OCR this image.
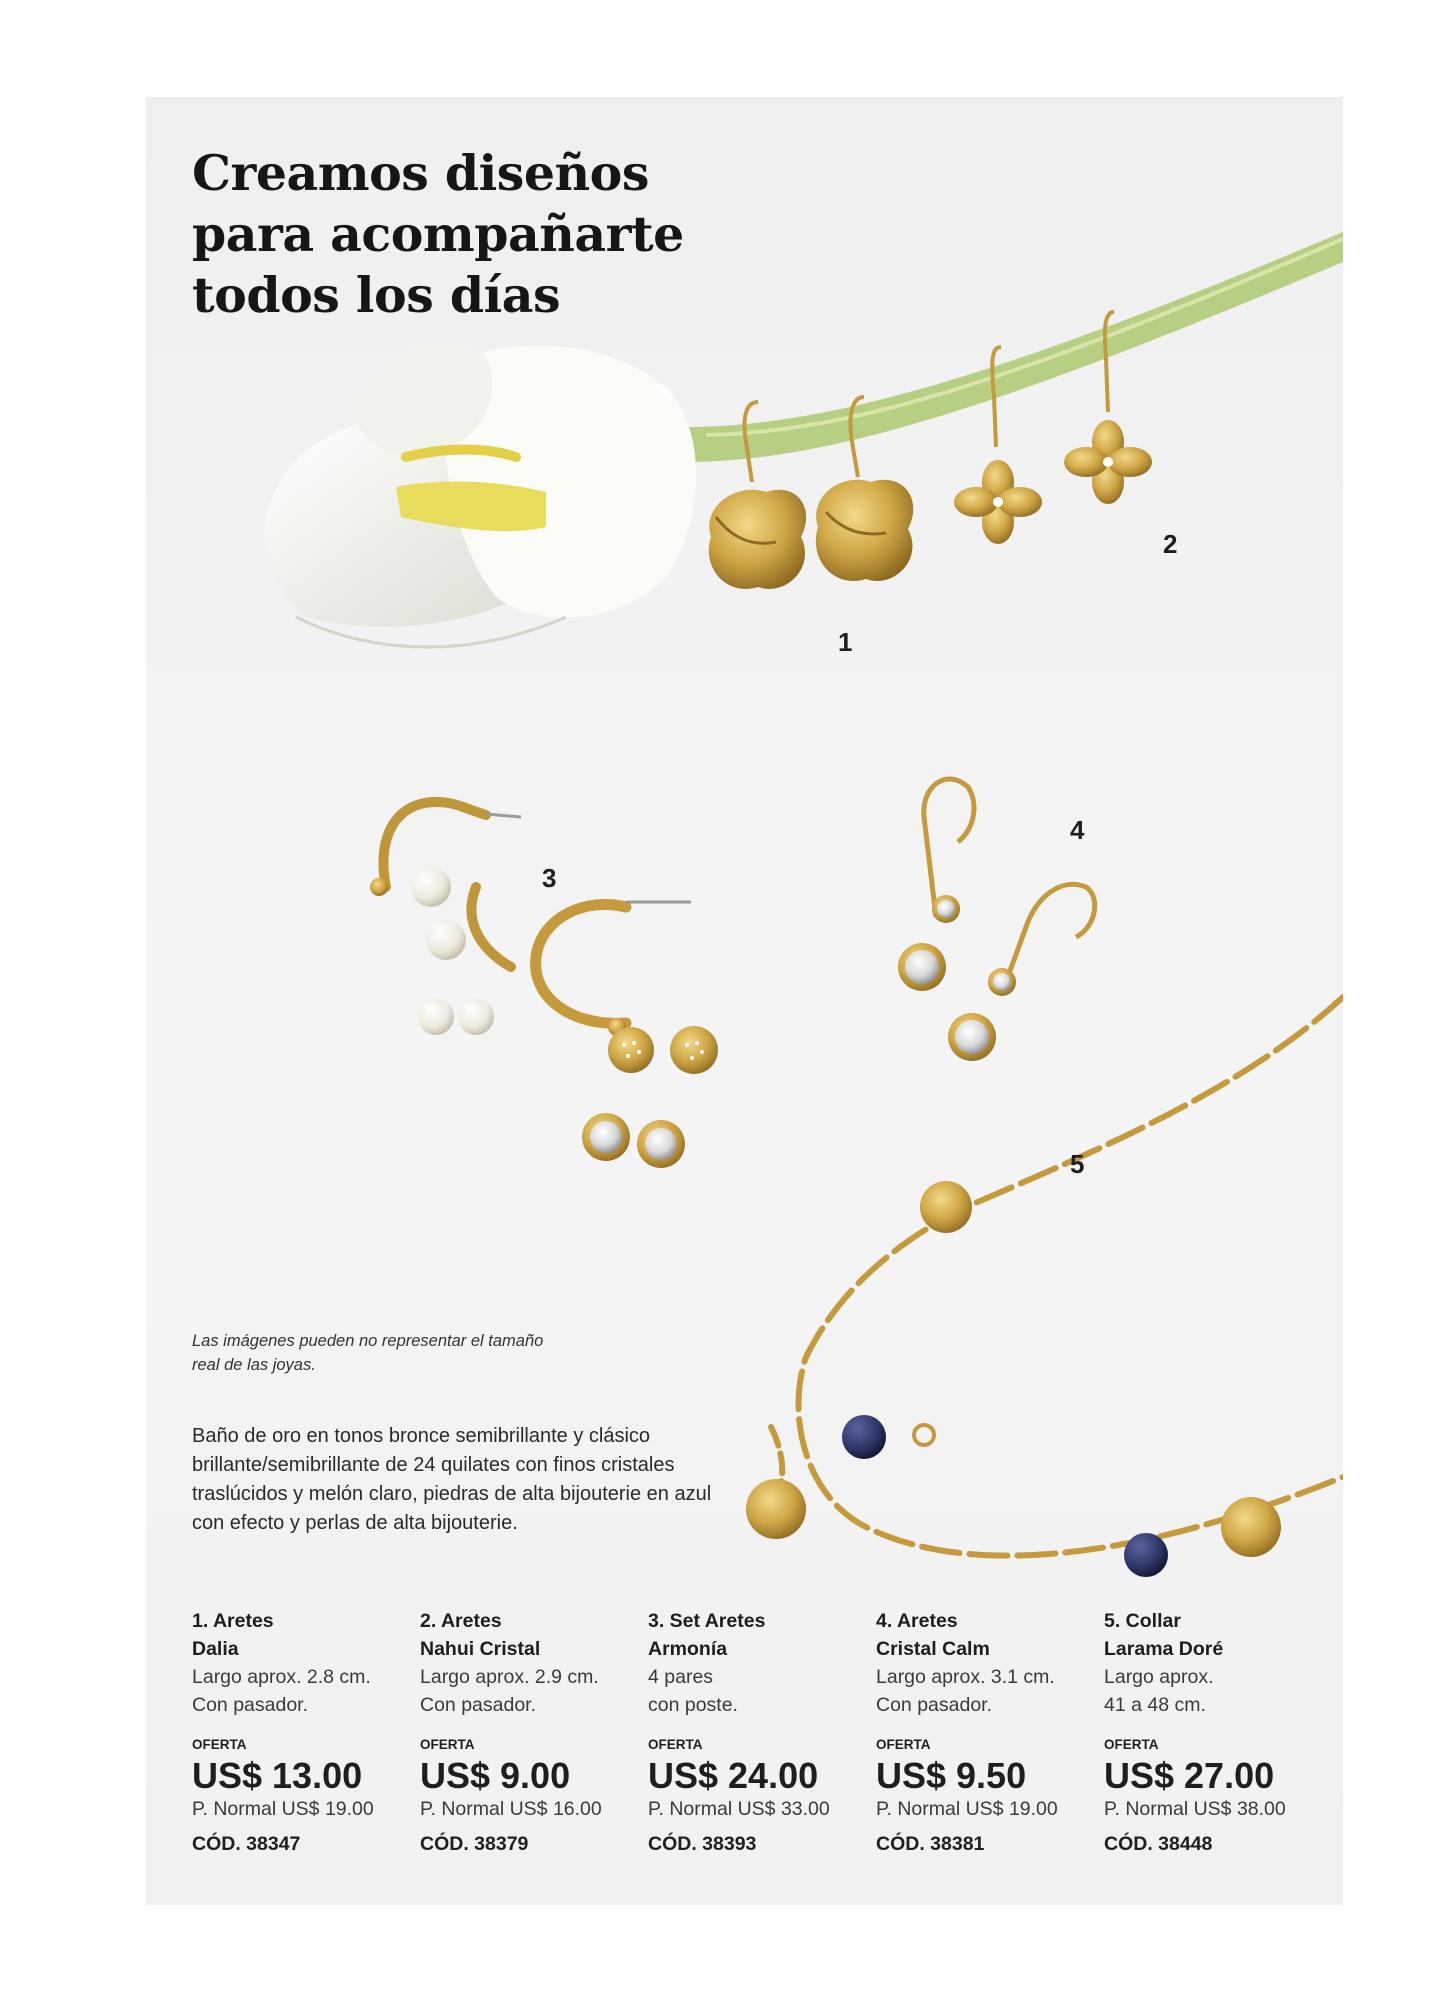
Creamos diseños
para acompañarte
todos los días
1
2
3
4
5

Las imágenes pueden no representar el tamaño real de las joyas.

Baño de oro en tonos bronce semibrillante y clásico brillante/semibrillante de 24 quilates con finos cristales traslúcidos y melón claro, piedras de alta bijouterie en azul con efecto y perlas de alta bijouterie.

1. Aretes
Dalia
Largo aprox. 2.8 cm.
Con pasador.
OFERTA
US$ 13.00
P. Normal US$ 19.00
CÓD. 38347
2. Aretes
Nahui Cristal
Largo aprox. 2.9 cm.
Con pasador.
OFERTA
US$ 9.00
P. Normal US$ 16.00
CÓD. 38379
3. Set Aretes
Armonía
4 pares
con poste.
OFERTA
US$ 24.00
P. Normal US$ 33.00
CÓD. 38393
4. Aretes
Cristal Calm
Largo aprox. 3.1 cm.
Con pasador.
OFERTA
US$ 9.50
P. Normal US$ 19.00
CÓD. 38381
5. Collar
Larama Doré
Largo aprox.
41 a 48 cm.
OFERTA
US$ 27.00
P. Normal US$ 38.00
CÓD. 38448
